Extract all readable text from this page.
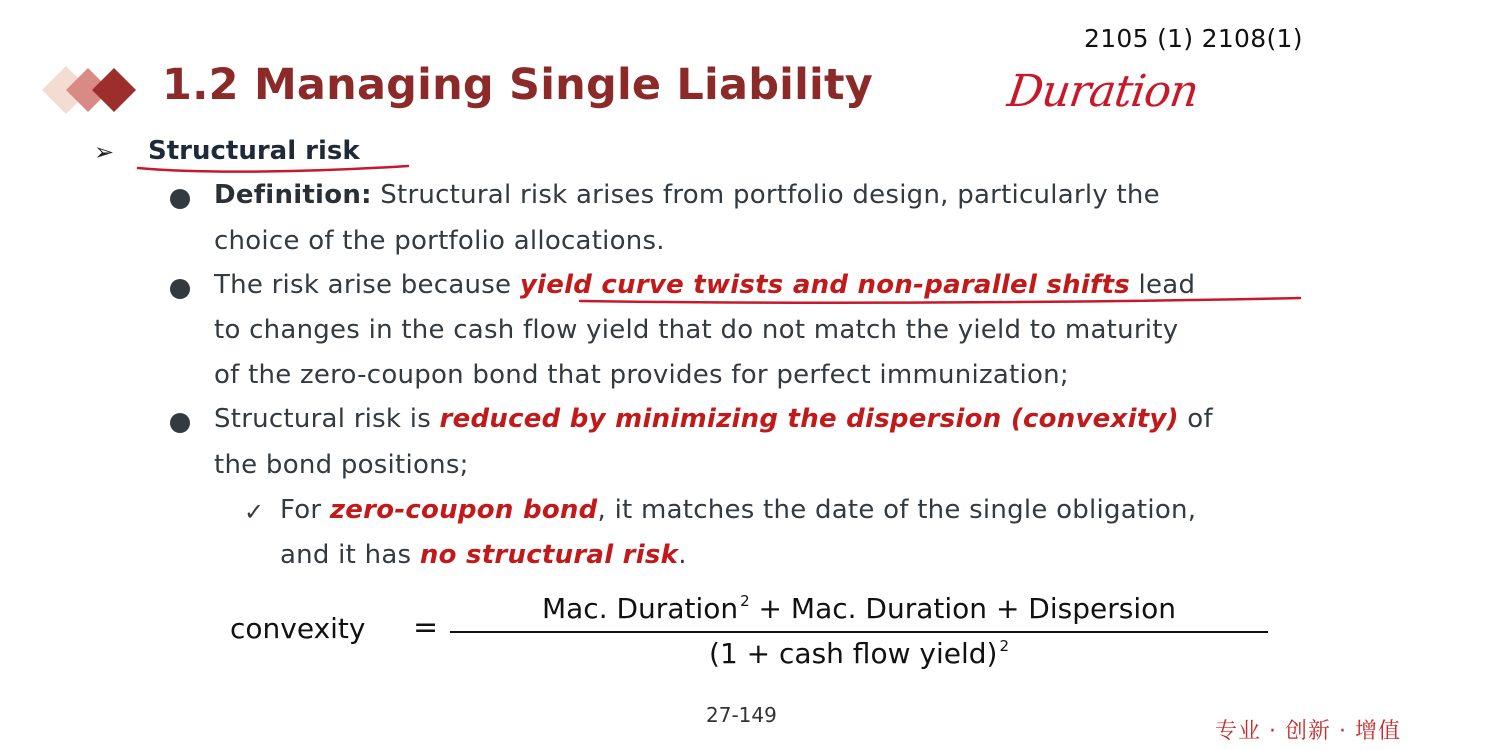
2105 (1) 2108(1)
1.2 Managing Single Liability	Duration
➢ Structural risk
Definition: Structural risk arises from portfolio design, particularly the
choice of the portfolio allocations.
The risk arise because yield curve twists and non-parallel shifts lead
to changes in the cash flow yield that do not match the yield to maturity
of the zero-coupon bond that provides for perfect immunization;
Structural risk is reduced by minimizing the dispersion (convexity) of
the bond positions;
✓ For zero-coupon bond, it matches the date of the single obligation,
and it has no structural risk.
convexity =
Mac. Duration $^2$ + Mac. Duration + Dispersion
(1 + cash flow yield) $^2$
27-149
专业 · 创新 · 增值
